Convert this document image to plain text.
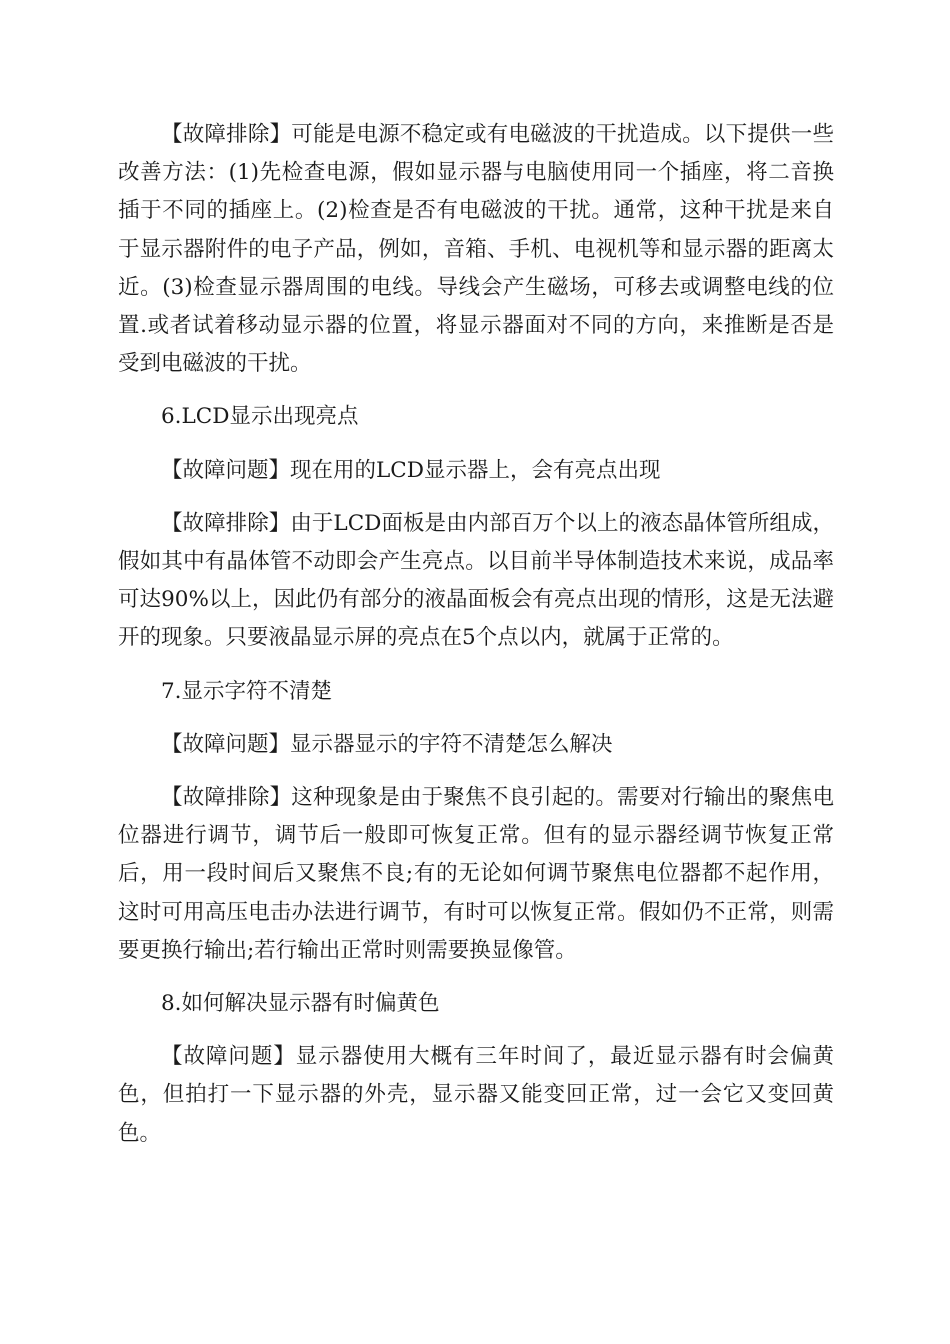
【故障排除】可能是电源不稳定或有电磁波的干扰造成。以下提供一些改善方法：(1)先检查电源，假如显示器与电脑使用同一个插座，将二音换插于不同的插座上。(2)检查是否有电磁波的干扰。通常，这种干扰是来自于显示器附件的电子产品，例如，音箱、手机、电视机等和显示器的距离太近。(3)检查显示器周围的电线。导线会产生磁场，可移去或调整电线的位置.或者试着移动显示器的位置，将显示器面对不同的方向，来推断是否是受到电磁波的干扰。

6.LCD显示出现亮点

【故障问题】现在用的LCD显示器上，会有亮点出现

【故障排除】由于LCD面板是由内部百万个以上的液态晶体管所组成，假如其中有晶体管不动即会产生亮点。以目前半导体制造技术来说，成品率可达90%以上，因此仍有部分的液晶面板会有亮点出现的情形，这是无法避开的现象。只要液晶显示屏的亮点在5个点以内，就属于正常的。

7.显示字符不清楚

【故障问题】显示器显示的宇符不清楚怎么解决

【故障排除】这种现象是由于聚焦不良引起的。需要对行输出的聚焦电位器进行调节，调节后一般即可恢复正常。但有的显示器经调节恢复正常后，用一段时间后又聚焦不良;有的无论如何调节聚焦电位器都不起作用，这时可用高压电击办法进行调节，有时可以恢复正常。假如仍不正常，则需要更换行输出;若行输出正常时则需要换显像管。

8.如何解决显示器有时偏黄色

【故障问题】显示器使用大概有三年时间了，最近显示器有时会偏黄色，但拍打一下显示器的外壳，显示器又能变回正常，过一会它又变回黄色。
